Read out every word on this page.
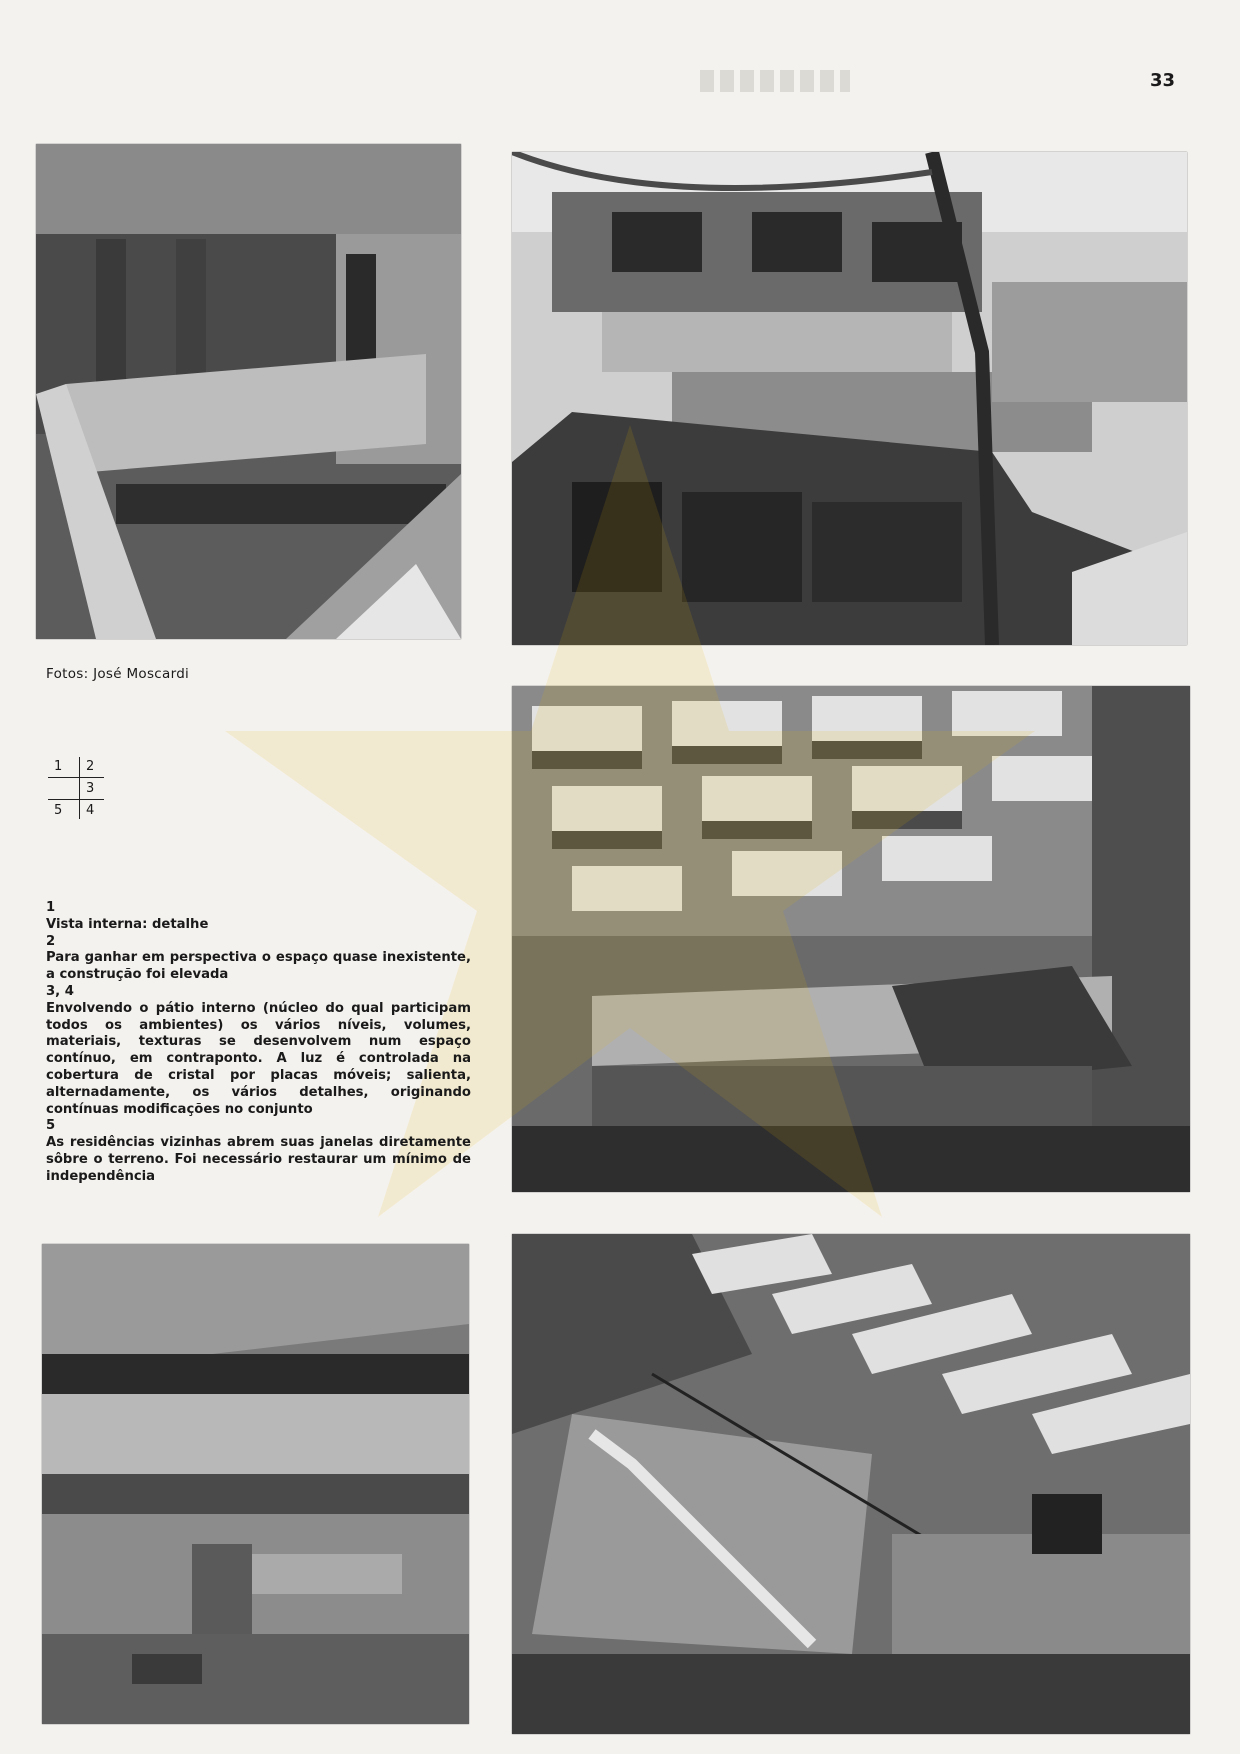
33
Fotos: José Moscardi
1 2
3
5 4
1
Vista interna: detalhe
2
Para ganhar em perspectiva o espaço quase inexistente, a construção foi elevada
3, 4
Envolvendo o pátio interno (núcleo do qual participam todos os ambientes) os vários níveis, volumes, materiais, texturas se desenvolvem num espaço contínuo, em contraponto. A luz é controlada na cobertura de cristal por placas móveis; salienta, alternadamente, os vários detalhes, originando contínuas modificações no conjunto
5
As residências vizinhas abrem suas janelas diretamente sôbre o terreno. Foi necessário restaurar um mínimo de independência
